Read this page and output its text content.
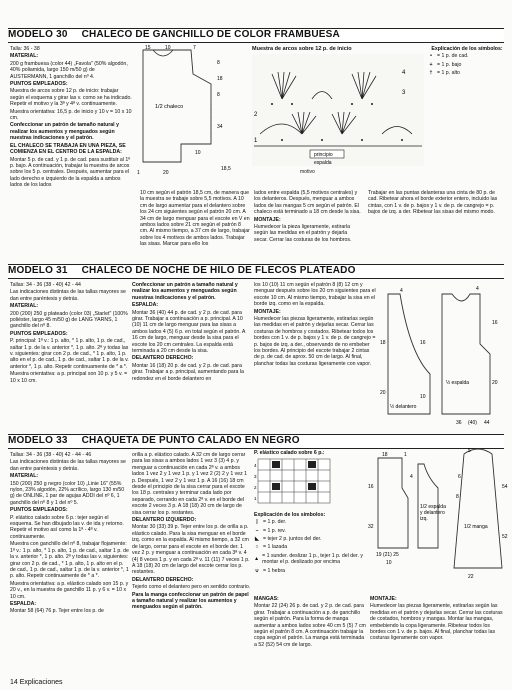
MODELO 30 CHALECO DE GANCHILLO DE COLOR FRAMBUESA

Talla: 36 - 38

MATERIAL:

200 g frambuesa (color 44) „Favola" (50% algodón, 40% poliamida, largo 150 m/50 g) de AUSTERMANN, 1 ganchillo del nº 4.

PUNTOS EMPLEADOS:

Muestra de arcos sobre 12 p. de inicio: trabajar según el esquema y girar las v. como se ha indicado. Repetir el motivo y la 3ª y 4ª v. continuamente.

Muestra orientativa: 16,5 p. de inicio y 10 v = 10 x 10 cm.

Confeccionar un patrón de tamaño natural y realizar los aumentos y menguados según nuestras indicaciones y el patrón.

EL CHALECO SE TRABAJA EN UNA PIEZA, SE COMIENZA EN EL CENTRO DE LA ESPALDA:

Montar 5 p. de cad. y 1 p. de cad. para sustituir al 1º p. bajo. A continuación, trabajar la muestra de arcos sobre los 5 p. centrales. Después, aumentar para el lado derecho e izquierdo de la espalda a ambos lados de los lados

15	10	7
8
18
8
34
18,5
20
1
10
1/2 chaleco
Muestra de arcos sobre 12 p. de inicio
4
3
2
1
principio
espalda
motivo

Explicación de los símbolos:

• = 1 p. de cad.
+ = 1 p. bajo
† = 1 p. alto

10 cm según el patrón 18,5 cm, de manera que la muestra se trabaje sobre 5,5 motivos. A 10 cm de largo aumentar para el delantero sobre los 24 cm siguientes según el patrón 20 cm. A 34 cm de largo menguar para el escote en V en ambos lados sobre 21 cm según el patrón 8 cm. Al mismo tiempo, a 37 cm de largo, trabajar sobre los 4 motivos de ambos lados. Trabajar las sisas. Marcar para ello los

lados entre espalda (5,5 motivos centrales) y los delanteros. Después, menguar a ambos lados de las mangas 5 cm según el patrón. El chaleco está terminado a 18 cm desde la sisa.

MONTAJE:

Humedecer la pieza ligeramente, estirarla según las medidas en el patrón y dejarla secar. Cerrar las costuras de los hombros.

Trabajar en las puntas delanteras una cinta de 80 p. de cad. Ribetear ahora el borde exterior entero, incluido las cintas, con 1 v. de p. bajos y 1 v. de p. de cangrejo = p. bajos de izq. a der. Ribetear las sisas del mismo modo.

MODELO 31 CHALECO DE NOCHE DE HILO DE FLECOS PLATEADO

Tallas: 34 - 36 (38 - 40) 42 - 44

Las indicaciones distintas de las tallas mayores se dan entre paréntesis y detrás.

MATERIAL:

200 (200) 250 g plateado (color 03) „Starlet" (100% poliéster, largo 45 m/50 g) de LANG YARNS, 1 ganchillo del nº 8.

PUNTOS EMPLEADOS:

P. principal: 1ª v.: 1 p. alto, * 1 p. alto, 1 p. de cad., saltar 1 p. de la v. anterior *, 1 p. alto. 2ª y todas las v. siguientes: girar con 2 p. de cad., * 1 p. alto, 1 p. alto en el p. de cad., 1 p. de cad., saltar 1 p. de la v. anterior *, 1 p. alto. Repetir continuamente de * a *.

Muestra orientativa: a p. principal son 10 p. y 5 v. = 10 x 10 cm.

Confeccionar un patrón a tamaño natural y realizar los aumentos y menguados según nuestras indicaciones y el patrón.

ESPALDA:

Montar 36 (40) 44 p. de cad. y 2 p. de cad. para girar. Trabajar a continuación a p. principal. A 10 (10) 11 cm de largo menguar para las sisas a ambos lados 4 (5) 6 p. en total según el patrón. A 16 cm de largo, menguar desde la sisa para el escote los 20 cm centrales. La espalda está terminada a 20 cm desde la sisa.

DELANTERO DERECHO:

Montar 16 (18) 20 p. de cad. y 2 p. de cad. para girar. Trabajar a p. principal, aumentando para la redondez en el borde delantero en

los 10 (10) 11 cm según el patrón 8 (8) 12 cm y menguar después sobre los 20 cm siguientes para el escote 10 cm. Al mismo tiempo, trabajar la sisa en el borde izq. como en la espalda.

MONTAJE:

Humedecer las piezas ligeramente, estirarlas según las medidas en el patrón y dejarlas secar. Cerrar las costuras de hombros y costados. Ribetear todos los bordes con 1 v. de p. bajos y 1 v. de p. de cangrejo = p. bajos de izq. a der., observando de no embeber los bordes. Al principio del escote trabajar 2 cintas de p. de cad. de aprox. 50 cm de largo. Al final, planchar todas las costuras ligeramente con vapor.

4
4
16
20
18
20
16
10
36 (40) 44
½ espalda
½ delantero
MODELO 33 CHAQUETA DE PUNTO CALADO EN NEGRO

Tallas: 34 - 36 (38 - 40) 42 - 44 - 46

Las indicaciones distintas de las tallas mayores se dan entre paréntesis y detrás.

MATERIAL:

150 (200) 250 g negro (color 10) „Linie 16" (55% nylon, 23% algodón, 22% acrílico, largo 130 m/50 g) de ONLINE, 1 par de agujas ADDI del nº 6, 1 ganchillo del nº 8 y 1 del nº 5.

PUNTOS EMPLEADOS:

P. elástico calado sobre 6 p.: tejer según el esquema. Se han dibujado las v. de ida y retorno. Repetir el motivo así como la 1ª - 4ª v. continuamente.

Muestra con ganchillo del nº 8, trabajar flojamente: 1ª v.: 1 p. alto, * 1 p. alto, 1 p. de cad., saltar 1 p. de la v. anterior *, 1 p. alto. 2ª y todas las v. siguientes: girar con 2 p. de cad., * 1 p. alto, 1 p. alto en el p. de cad., 1 p. de cad., saltar 1 p. de la v. anterior *, 1 p. alto. Repetir continuamente de * a *.

Muestra orientativa: a p. elástico calado son 15 p. y 20 v., en la muestra de ganchillo 11 p. y 6 v. = 10 x 10 cm.

ESPALDA:

Montar 58 (64) 76 p. Tejer entre los p. de

orilla a p. elástico calado. A 32 cm de largo cerrar para las sisas a ambos lados 1 vez 3 (3) 4 p. y menguar a continuación en cada 2ª v. a ambos lados 1 vez 2 y 1 vez 1 p. y 1 vez 2 (2) 2 y 1 vez 1 p. Después, 1 vez 2 y 1 vez 1 p. A 16 (16) 18 cm desde el principio de la sisa cerrar para el escote los 18 p. centrales y terminar cada lado por separado, cerrando en cada 2ª v. en el borde del escote 2 veces 3 p. A 18 (18) 20 cm de largo de sisa cerrar los p. restantes.

DELANTERO IZQUIERDO:

Montar 30 (33) 39 p. Tejer entre los p. de orilla a p. elástico calado. Para la sisa menguar en el borde izq. como en la espalda. Al mismo tiempo, a 32 cm de largo, cerrar para el escote en el borde der. 1 vez 2 p. y menguar a continuación en cada 3ª v. 4 (4) 8 veces 1 p. y en cada 2ª v. 11 (11) 7 veces 1 p. A 18 (18) 20 cm de largo del escote cerrar los p. restantes.

DELANTERO DERECHO:

Tejerlo como el delantero pero en sentido contrario.

Para la manga confeccionar un patrón de papel a tamaño natural y realizar los aumentos y menguados según el patrón.

P. elástico calado sobre 6 p.:

4
3
2
1

Explicación de los símbolos:

|	= 1 p. der.
− = 1 p. rev.
◣ = tejer 2 p. juntos del der.
○ = 1 lazada
▲
= 1 sunder. deslizar 1 p., tejer 1 p. del der. y montar el p. deslizado por encima
∪ = 1 hebra
18	1
4
5
16
32
54
52
6
8
22
19 (21) 25
10
1/2 espalda
y delantero
izq.
1/2 manga

MANGAS:

Montar 22 (24) 26 p. de cad. y 2 p. de cad. para girar. Trabajar a continuación a p. de ganchillo según el patrón. Para la forma de manga aumentar a ambos lados sobre 40 cm 5 (5) 7 cm según el patrón 8 cm. A continuación trabajar la copa según el patrón. La manga está terminada a 52 (52) 54 cm de largo.

MONTAJE:

Humedecer las piezas ligeramente, estirarlas según las medidas en el patrón y dejarlas secar. Cerrar las costuras de costados, hombros y mangas. Montar las mangas, embebiendo la copa ligeramente. Ribetear todos los bordes con 1 v. de p. bajos. Al final, planchar todas las costuras ligeramente con vapor.

14 Explicaciones
